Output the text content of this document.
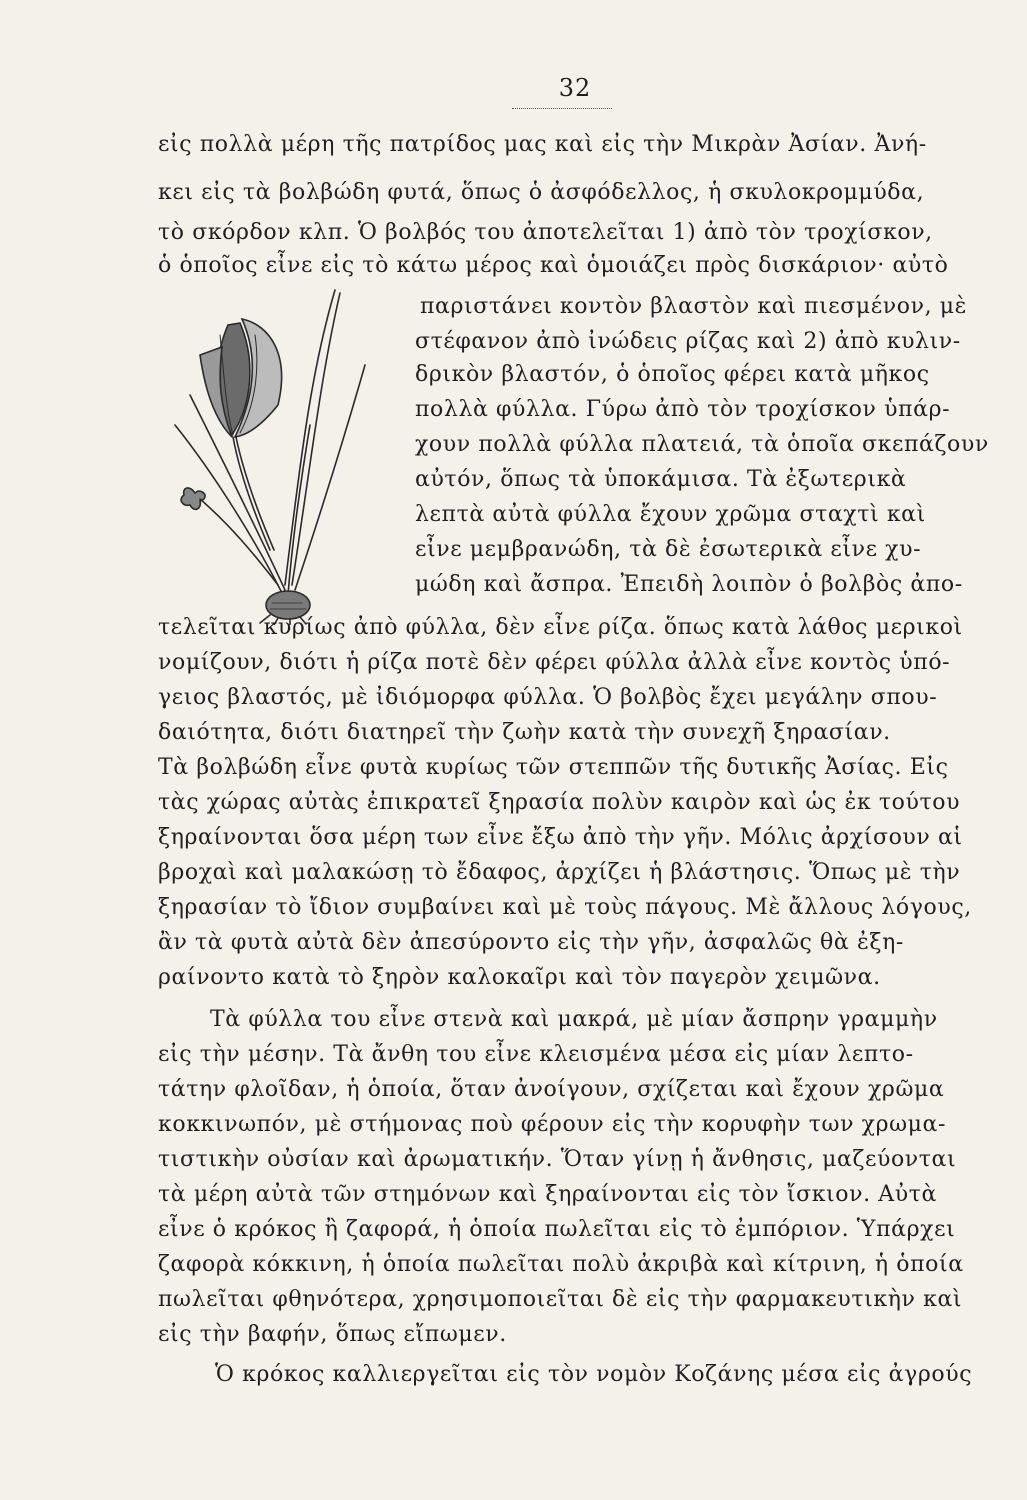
32
εἰς πολλὰ μέρη τῆς πατρίδος μας καὶ εἰς τὴν Μικρὰν Ἀσίαν. Ἀνή-
κει εἰς τὰ βολβώδη φυτά, ὅπως ὁ ἀσφόδελλος, ἡ σκυλοκρομμύδα,
τὸ σκόρδον κλπ. Ὁ βολβός του ἀποτελεῖται 1) ἀπὸ τὸν τροχίσκον,
ὁ ὁποῖος εἶνε εἰς τὸ κάτω μέρος καὶ ὁμοιάζει πρὸς δισκάριον· αὐτὸ
παριστάνει κοντὸν βλαστὸν καὶ πιεσμένον, μὲ
στέφανον ἀπὸ ἰνώδεις ρίζας καὶ 2) ἀπὸ κυλιν-
δρικὸν βλαστόν, ὁ ὁποῖος φέρει κατὰ μῆκος
πολλὰ φύλλα. Γύρω ἀπὸ τὸν τροχίσκον ὑπάρ-
χουν πολλὰ φύλλα πλατειά, τὰ ὁποῖα σκεπάζουν
αὐτόν, ὅπως τὰ ὑποκάμισα. Τὰ ἐξωτερικὰ
λεπτὰ αὐτὰ φύλλα ἔχουν χρῶμα σταχτὶ καὶ
εἶνε μεμβρανώδη, τὰ δὲ ἐσωτερικὰ εἶνε χυ-
μώδη καὶ ἄσπρα. Ἐπειδὴ λοιπὸν ὁ βολβὸς ἀπο-
τελεῖται κυρίως ἀπὸ φύλλα, δὲν εἶνε ρίζα. ὅπως κατὰ λάθος μερικοὶ
νομίζουν, διότι ἡ ρίζα ποτὲ δὲν φέρει φύλλα ἀλλὰ εἶνε κοντὸς ὑπό-
γειος βλαστός, μὲ ἰδιόμορφα φύλλα. Ὁ βολβὸς ἔχει μεγάλην σπου-
δαιότητα, διότι διατηρεῖ τὴν ζωὴν κατὰ τὴν συνεχῆ ξηρασίαν.
Τὰ βολβώδη εἶνε φυτὰ κυρίως τῶν στεππῶν τῆς δυτικῆς Ἀσίας. Εἰς
τὰς χώρας αὐτὰς ἐπικρατεῖ ξηρασία πολὺν καιρὸν καὶ ὡς ἐκ τούτου
ξηραίνονται ὅσα μέρη των εἶνε ἔξω ἀπὸ τὴν γῆν. Μόλις ἀρχίσουν αἱ
βροχαὶ καὶ μαλακώσῃ τὸ ἔδαφος, ἀρχίζει ἡ βλάστησις. Ὅπως μὲ τὴν
ξηρασίαν τὸ ἴδιον συμβαίνει καὶ μὲ τοὺς πάγους. Μὲ ἄλλους λόγους,
ἂν τὰ φυτὰ αὐτὰ δὲν ἀπεσύροντο εἰς τὴν γῆν, ἀσφαλῶς θὰ ἐξη-
ραίνοντο κατὰ τὸ ξηρὸν καλοκαῖρι καὶ τὸν παγερὸν χειμῶνα.
Τὰ φύλλα του εἶνε στενὰ καὶ μακρά, μὲ μίαν ἄσπρην γραμμὴν
εἰς τὴν μέσην. Τὰ ἄνθη του εἶνε κλεισμένα μέσα εἰς μίαν λεπτο-
τάτην φλοῖδαν, ἡ ὁποία, ὅταν ἀνοίγουν, σχίζεται καὶ ἔχουν χρῶμα
κοκκινωπόν, μὲ στήμονας ποὺ φέρουν εἰς τὴν κορυφὴν των χρωμα-
τιστικὴν οὐσίαν καὶ ἀρωματικήν. Ὅταν γίνῃ ἡ ἄνθησις, μαζεύονται
τὰ μέρη αὐτὰ τῶν στημόνων καὶ ξηραίνονται εἰς τὸν ἴσκιον. Αὐτὰ
εἶνε ὁ κρόκος ἢ ζαφορά, ἡ ὁποία πωλεῖται εἰς τὸ ἐμπόριον. Ὑπάρχει
ζαφορὰ κόκκινη, ἡ ὁποία πωλεῖται πολὺ ἀκριβὰ καὶ κίτρινη, ἡ ὁποία
πωλεῖται φθηνότερα, χρησιμοποιεῖται δὲ εἰς τὴν φαρμακευτικὴν καὶ
εἰς τὴν βαφήν, ὅπως εἴπωμεν.
Ὁ κρόκος καλλιεργεῖται εἰς τὸν νομὸν Κοζάνης μέσα εἰς ἀγρούς
